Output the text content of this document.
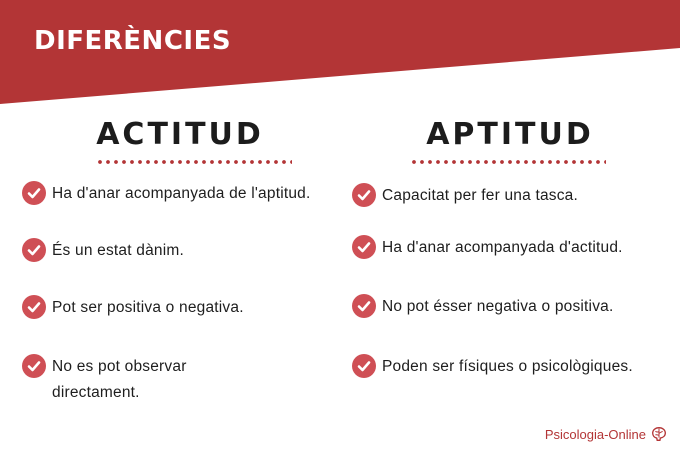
DIFERÈNCIES
ACTITUD	APTITUD
Ha d'anar acompanyada de l'aptitud.
És un estat dànim.
Pot ser positiva o negativa.
No es pot observar directament.
Capacitat per fer una tasca.
Ha d'anar acompanyada d'actitud.
No pot ésser negativa o positiva.
Poden ser físiques o psicològiques.
Psicologia-Online
